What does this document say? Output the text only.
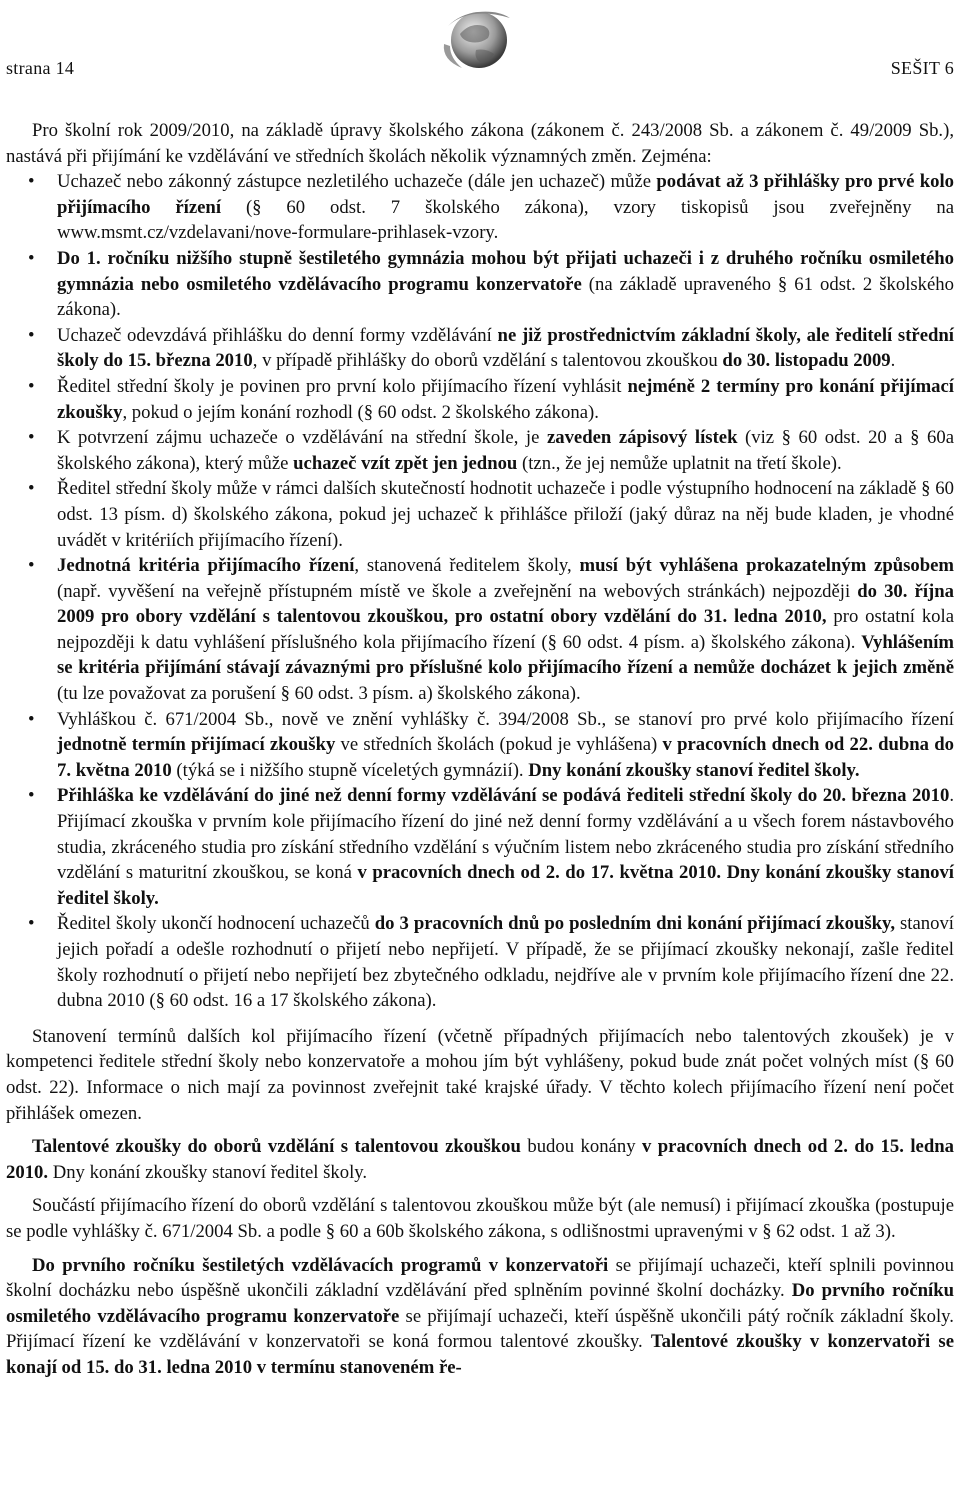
strana 14	SEŠIT 6

Pro školní rok 2009/2010, na základě úpravy školského zákona (zákonem č. 243/2008 Sb. a zákonem č. 49/2009 Sb.), nastává při přijímání ke vzdělávání ve středních školách několik významných změn. Zejména:

• Uchazeč nebo zákonný zástupce nezletilého uchazeče (dále jen uchazeč) může podávat až 3 přihlášky pro prvé kolo přijímacího řízení (§ 60 odst. 7 školského zákona), vzory tiskopisů jsou zveřejněny na www.msmt.cz/vzdelavani/nove-formulare-prihlasek-vzory.
• Do 1. ročníku nižšího stupně šestiletého gymnázia mohou být přijati uchazeči i z druhého ročníku osmiletého gymnázia nebo osmiletého vzdělávacího programu konzervatoře (na základě upraveného § 61 odst. 2 školského zákona).
• Uchazeč odevzdává přihlášku do denní formy vzdělávání ne již prostřednictvím základní školy, ale ředitelí střední školy do 15. března 2010, v případě přihlášky do oborů vzdělání s talentovou zkouškou do 30. listopadu 2009.
• Ředitel střední školy je povinen pro první kolo přijímacího řízení vyhlásit nejméně 2 termíny pro konání přijímací zkoušky, pokud o jejím konání rozhodl (§ 60 odst. 2 školského zákona).
• K potvrzení zájmu uchazeče o vzdělávání na střední škole, je zaveden zápisový lístek (viz § 60 odst. 20 a § 60a školského zákona), který může uchazeč vzít zpět jen jednou (tzn., že jej nemůže uplatnit na třetí škole).
• Ředitel střední školy může v rámci dalších skutečností hodnotit uchazeče i podle výstupního hodnocení na základě § 60 odst. 13 písm. d) školského zákona, pokud jej uchazeč k přihlášce přiloží (jaký důraz na něj bude kladen, je vhodné uvádět v kritériích přijímacího řízení).
• Jednotná kritéria přijímacího řízení, stanovená ředitelem školy, musí být vyhlášena prokazatelným způsobem (např. vyvěšení na veřejně přístupném místě ve škole a zveřejnění na webových stránkách) nejpozději do 30. října 2009 pro obory vzdělání s talentovou zkouškou, pro ostatní obory vzdělání do 31. ledna 2010, pro ostatní kola nejpozději k datu vyhlášení příslušného kola přijímacího řízení (§ 60 odst. 4 písm. a) školského zákona). Vyhlášením se kritéria přijímání stávají závaznými pro příslušné kolo přijímacího řízení a nemůže docházet k jejich změně (tu lze považovat za porušení § 60 odst. 3 písm. a) školského zákona).
• Vyhláškou č. 671/2004 Sb., nově ve znění vyhlášky č. 394/2008 Sb., se stanoví pro prvé kolo přijímacího řízení jednotně termín přijímací zkoušky ve středních školách (pokud je vyhlášena) v pracovních dnech od 22. dubna do 7. května 2010 (týká se i nižšího stupně víceletých gymnázií). Dny konání zkoušky stanoví ředitel školy.
• Přihláška ke vzdělávání do jiné než denní formy vzdělávání se podává řediteli střední školy do 20. března 2010. Přijímací zkouška v prvním kole přijímacího řízení do jiné než denní formy vzdělávání a u všech forem nástavbového studia, zkráceného studia pro získání středního vzdělání s výučním listem nebo zkráceného studia pro získání středního vzdělání s maturitní zkouškou, se koná v pracovních dnech od 2. do 17. května 2010. Dny konání zkoušky stanoví ředitel školy.
• Ředitel školy ukončí hodnocení uchazečů do 3 pracovních dnů po posledním dni konání přijímací zkoušky, stanoví jejich pořadí a odešle rozhodnutí o přijetí nebo nepřijetí. V případě, že se přijímací zkoušky nekonají, zašle ředitel školy rozhodnutí o přijetí nebo nepřijetí bez zbytečného odkladu, nejdříve ale v prvním kole přijímacího řízení dne 22. dubna 2010 (§ 60 odst. 16 a 17 školského zákona).

Stanovení termínů dalších kol přijímacího řízení (včetně případných přijímacích nebo talentových zkoušek) je v kompetenci ředitele střední školy nebo konzervatoře a mohou jím být vyhlášeny, pokud bude znát počet volných míst (§ 60 odst. 22). Informace o nich mají za povinnost zveřejnit také krajské úřady. V těchto kolech přijímacího řízení není počet přihlášek omezen.

Talentové zkoušky do oborů vzdělání s talentovou zkouškou budou konány v pracovních dnech od 2. do 15. ledna 2010. Dny konání zkoušky stanoví ředitel školy.

Součástí přijímacího řízení do oborů vzdělání s talentovou zkouškou může být (ale nemusí) i přijímací zkouška (postupuje se podle vyhlášky č. 671/2004 Sb. a podle § 60 a 60b školského zákona, s odlišnostmi upravenými v § 62 odst. 1 až 3).

Do prvního ročníku šestiletých vzdělávacích programů v konzervatoři se přijímají uchazeči, kteří splnili povinnou školní docházku nebo úspěšně ukončili základní vzdělávání před splněním povinné školní docházky. Do prvního ročníku osmiletého vzdělávacího programu konzervatoře se přijímají uchazeči, kteří úspěšně ukončili pátý ročník základní školy. Přijímací řízení ke vzdělávání v konzervatoři se koná formou talentové zkoušky. Talentové zkoušky v konzervatoři se konají od 15. do 31. ledna 2010 v termínu stanoveném ře-
